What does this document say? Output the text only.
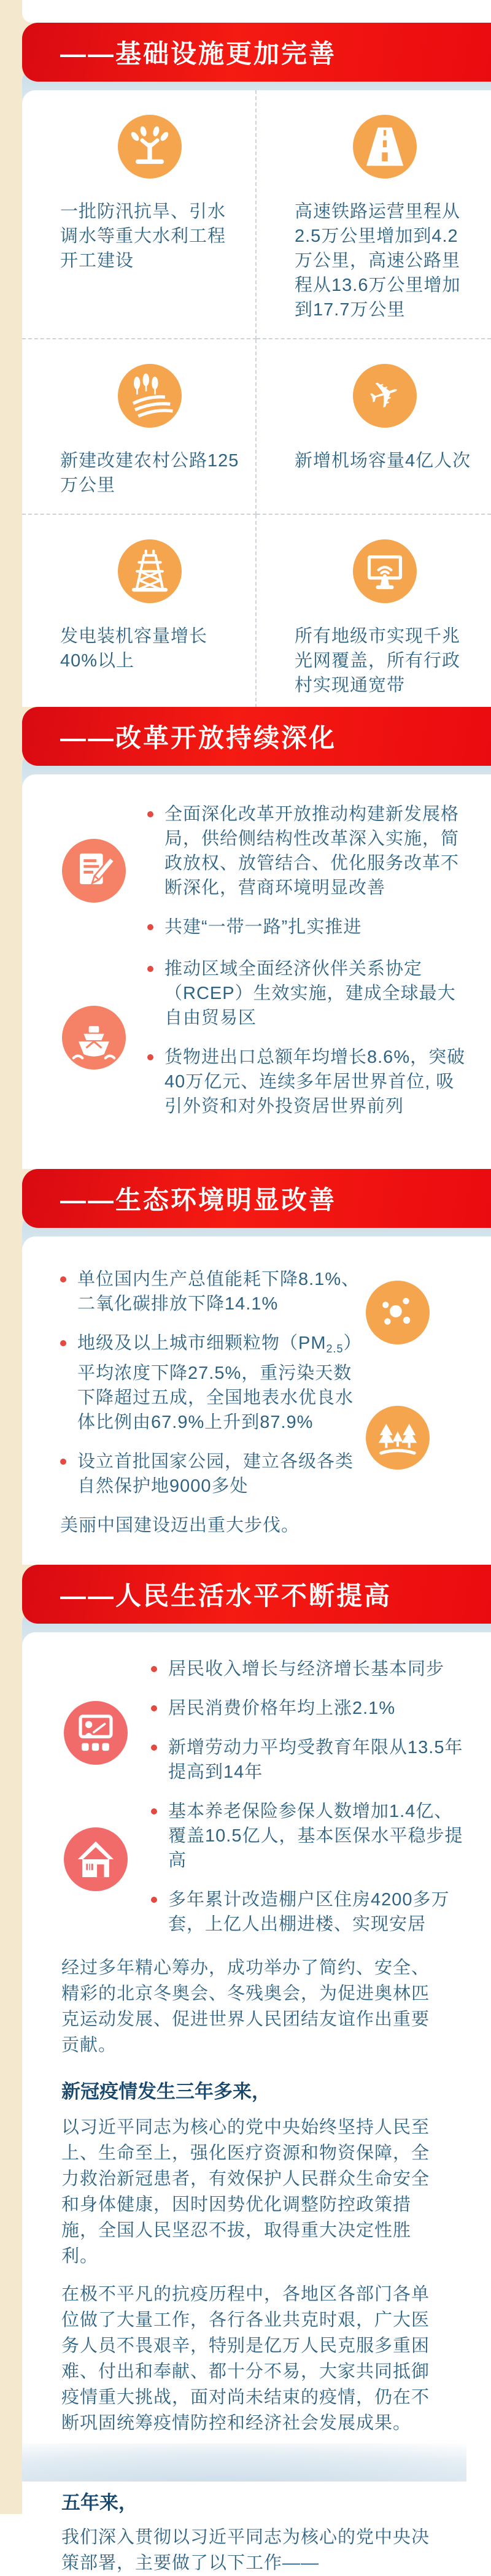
——基础设施更加完善
一批防汛抗旱、引水调水等重大水利工程开工建设
高速铁路运营里程从2.5万公里增加到4.2万公里，高速公路里程从13.6万公里增加到17.7万公里
新建改建农村公路125万公里
✈
新增机场容量4亿人次
发电装机容量增长40%以上
所有地级市实现千兆光网覆盖，所有行政村实现通宽带
——改革开放持续深化
全面深化改革开放推动构建新发展格局，供给侧结构性改革深入实施，简政放权、放管结合、优化服务改革不断深化，营商环境明显改善
共建“一带一路”扎实推进
推动区域全面经济伙伴关系协定（RCEP）生效实施，建成全球最大自由贸易区
货物进出口总额年均增长8.6%，突破40万亿元、连续多年居世界首位, 吸引外资和对外投资居世界前列
——生态环境明显改善
单位国内生产总值能耗下降8.1%、二氧化碳排放下降14.1%
地级及以上城市细颗粒物$(PM_{2.5})$平均浓度下降27.5%，重污染天数下降超过五成，全国地表水优良水体比例由67.9%上升到87.9%
设立首批国家公园，建立各级各类自然保护地9000多处
美丽中国建设迈出重大步伐。
——人民生活水平不断提高
居民收入增长与经济增长基本同步
居民消费价格年均上涨2.1%
新增劳动力平均受教育年限从13.5年提高到14年
基本养老保险参保人数增加1.4亿、覆盖10.5亿人，基本医保水平稳步提高
多年累计改造棚户区住房4200多万套，上亿人出棚进楼、实现安居

经过多年精心筹办，成功举办了简约、安全、精彩的北京冬奥会、冬残奥会，为促进奥林匹克运动发展、促进世界人民团结友谊作出重要贡献。

新冠疫情发生三年多来，

以习近平同志为核心的党中央始终坚持人民至上、生命至上，强化医疗资源和物资保障，全力救治新冠患者，有效保护人民群众生命安全和身体健康，因时因势优化调整防控政策措施，全国人民坚忍不拔，取得重大决定性胜利。

在极不平凡的抗疫历程中，各地区各部门各单位做了大量工作，各行各业共克时艰，广大医务人员不畏艰辛，特别是亿万人民克服多重困难、付出和奉献、都十分不易，大家共同抵御疫情重大挑战，面对尚未结束的疫情，仍在不断巩固统筹疫情防控和经济社会发展成果。

五年来，

我们深入贯彻以习近平同志为核心的党中央决策部署，主要做了以下工作——
